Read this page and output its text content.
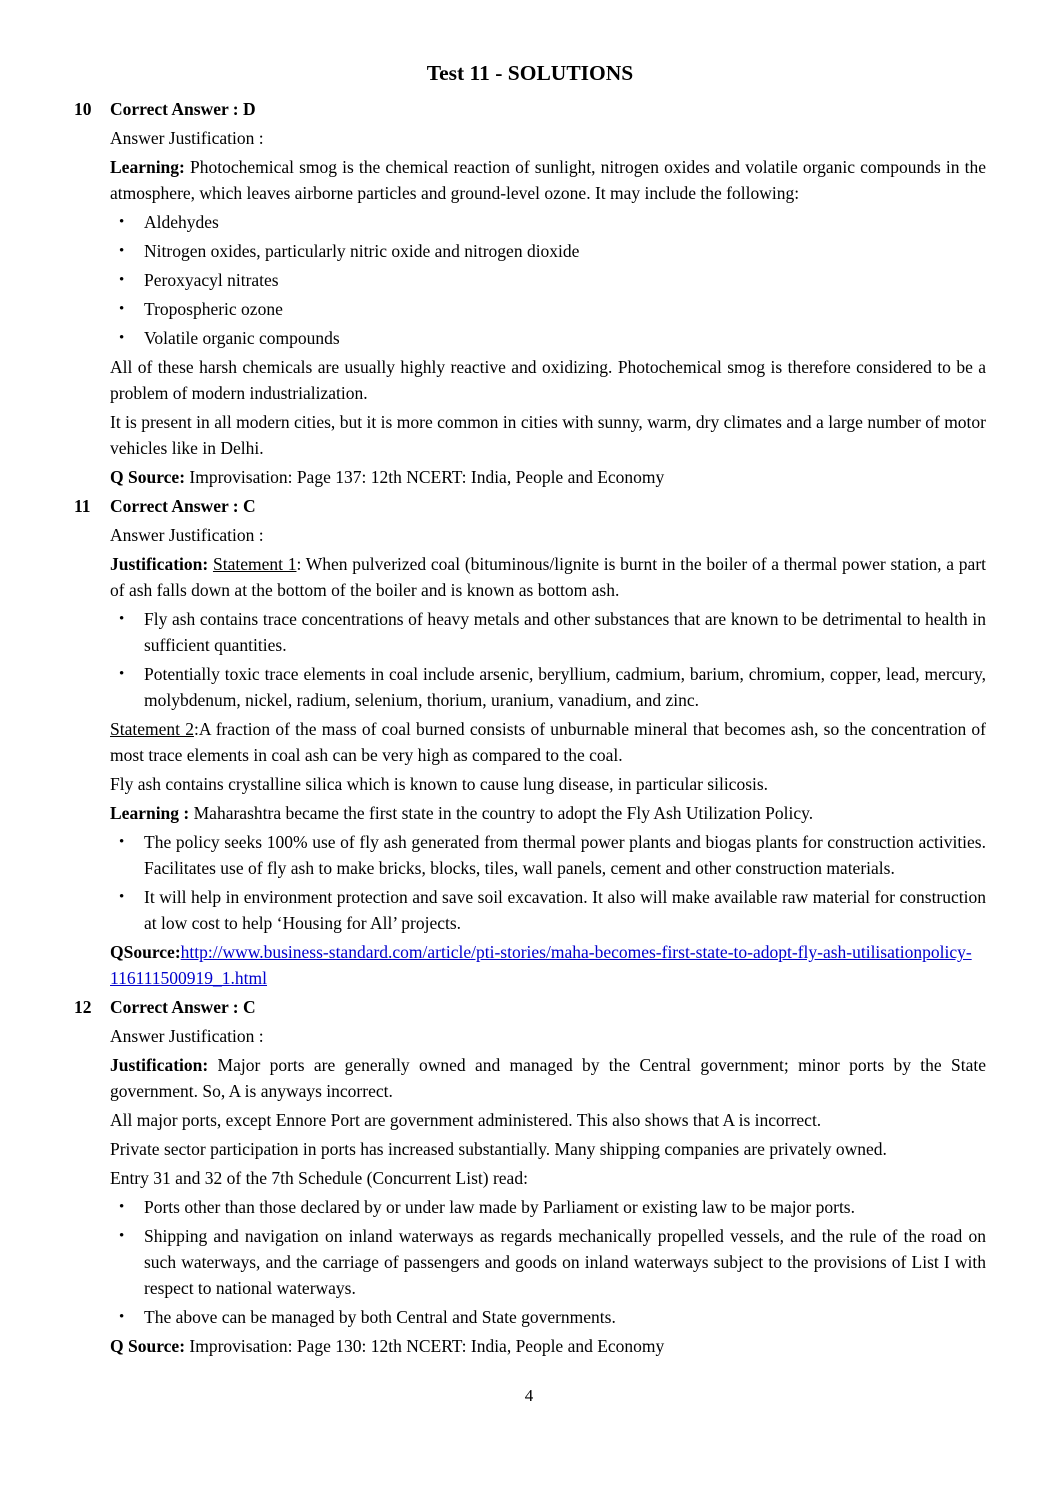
Test 11 - SOLUTIONS
10	Correct Answer : D

Answer Justification :

Learning: Photochemical smog is the chemical reaction of sunlight, nitrogen oxides and volatile organic compounds in the atmosphere, which leaves airborne particles and ground-level ozone. It may include the following:

•	Aldehydes
•	Nitrogen oxides, particularly nitric oxide and nitrogen dioxide
•	Peroxyacyl nitrates
•	Tropospheric ozone
•	Volatile organic compounds

All of these harsh chemicals are usually highly reactive and oxidizing. Photochemical smog is therefore considered to be a problem of modern industrialization.

It is present in all modern cities, but it is more common in cities with sunny, warm, dry climates and a large number of motor vehicles like in Delhi.

Q Source: Improvisation: Page 137: 12th NCERT: India, People and Economy

11	Correct Answer : C

Answer Justification :

Justification: Statement 1: When pulverized coal (bituminous/lignite is burnt in the boiler of a thermal power station, a part of ash falls down at the bottom of the boiler and is known as bottom ash.

•	Fly ash contains trace concentrations of heavy metals and other substances that are known to be detrimental to health in sufficient quantities.
•	Potentially toxic trace elements in coal include arsenic, beryllium, cadmium, barium, chromium, copper, lead, mercury, molybdenum, nickel, radium, selenium, thorium, uranium, vanadium, and zinc.

Statement 2:A fraction of the mass of coal burned consists of unburnable mineral that becomes ash, so the concentration of most trace elements in coal ash can be very high as compared to the coal.

Fly ash contains crystalline silica which is known to cause lung disease, in particular silicosis.

Learning : Maharashtra became the first state in the country to adopt the Fly Ash Utilization Policy.

•	The policy seeks 100% use of fly ash generated from thermal power plants and biogas plants for construction activities. Facilitates use of fly ash to make bricks, blocks, tiles, wall panels, cement and other construction materials.
•	It will help in environment protection and save soil excavation. It also will make available raw material for construction at low cost to help ‘Housing for All’ projects.

QSource:http://www.business-standard.com/article/pti-stories/maha-becomes-first-state-to-adopt-fly-ash-utilisationpolicy-116111500919_1.html

12	Correct Answer : C

Answer Justification :

Justification: Major ports are generally owned and managed by the Central government; minor ports by the State government. So, A is anyways incorrect.

All major ports, except Ennore Port are government administered. This also shows that A is incorrect.

Private sector participation in ports has increased substantially. Many shipping companies are privately owned.

Entry 31 and 32 of the 7th Schedule (Concurrent List) read:

•	Ports other than those declared by or under law made by Parliament or existing law to be major ports.
•	Shipping and navigation on inland waterways as regards mechanically propelled vessels, and the rule of the road on such waterways, and the carriage of passengers and goods on inland waterways subject to the provisions of List I with respect to national waterways.
•	The above can be managed by both Central and State governments.

Q Source: Improvisation: Page 130: 12th NCERT: India, People and Economy

4
